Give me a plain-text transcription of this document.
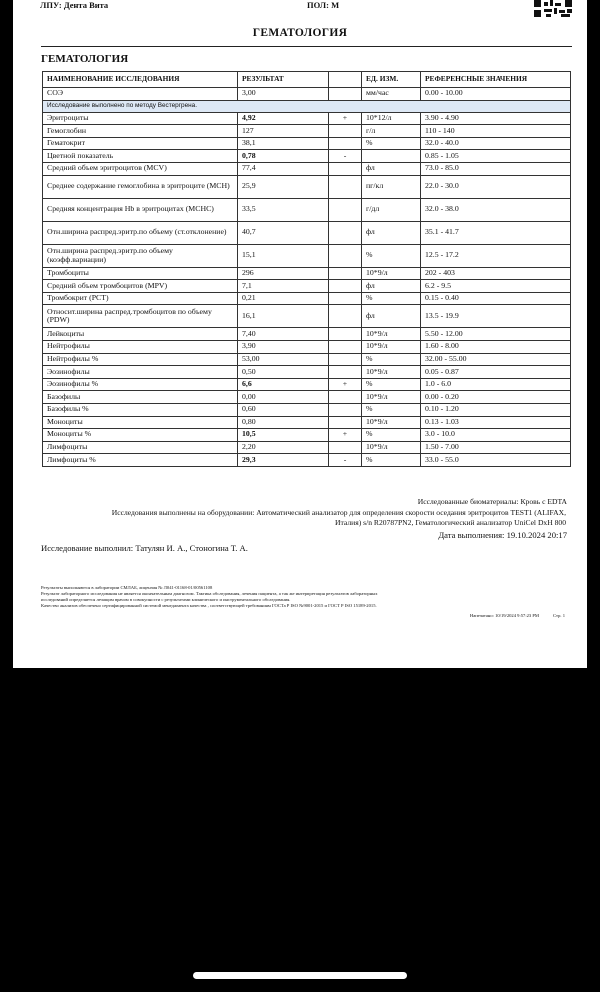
ЛПУ: Дента Вита	ПОЛ: М
ГЕМАТОЛОГИЯ
ГЕМАТОЛОГИЯ
НАИМЕНОВАНИЕ ИССЛЕДОВАНИЯ	РЕЗУЛЬТАТ		ЕД. ИЗМ.	РЕФЕРЕНСНЫЕ ЗНАЧЕНИЯ
СОЭ	3,00		мм/час	0.00 - 10.00
Исследование выполнено по методу Вестергрена.				
Эритроциты	4,92	+	10*12/л	3.90 - 4.90
Гемоглобин	127		г/л	110 - 140
Гематокрит	38,1		%	32.0 - 40.0
Цветной показатель	0,78	-		0.85 - 1.05
Средний объем эритроцитов (MCV)	77,4		фл	73.0 - 85.0
Среднее содержание гемоглобина в эритроците (MCH)	25,9		пг/кл	22.0 - 30.0
Средняя концентрация Hb в эритроцитах (MCHC)	33,5		г/дл	32.0 - 38.0
Отн.ширина распред.эритр.по объему (ст.отклонение)	40,7		фл	35.1 - 41.7
Отн.ширина распред.эритр.по объему (коэфф.вариации)	15,1		%	12.5 - 17.2
Тромбоциты	296		10*9/л	202 - 403
Средний объем тромбоцитов (MPV)	7,1		фл	6.2 - 9.5
Тромбокрит (PCT)	0,21		%	0.15 - 0.40
Относит.ширина распред.тромбоцитов по объему (PDW)	16,1		фл	13.5 - 19.9
Лейкоциты	7,40		10*9/л	5.50 - 12.00
Нейтрофилы	3,90		10*9/л	1.60 - 8.00
Нейтрофилы %	53,00		%	32.00 - 55.00
Эозинофилы	0,50		10*9/л	0.05 - 0.87
Эозинофилы %	6,6	+	%	1.0 - 6.0
Базофилы	0,00		10*9/л	0.00 - 0.20
Базофилы %	0,60		%	0.10 - 1.20
Моноциты	0,80		10*9/л	0.13 - 1.03
Моноциты %	10,5	+	%	3.0 - 10.0
Лимфоциты	2,20		10*9/л	1.50 - 7.00
Лимфоциты %	29,3	-	%	33.0 - 55.0
Исследованные биоматериалы: Кровь с EDTA
Исследования выполнены на оборудовании: Автоматический анализатор для определения скорости оседания эритроцитов TEST1 (ALIFAX,
Италия) s/n R20787PN2, Гематологический анализатор UniCel DxH 800
Дата выполнения: 19.10.2024 20:17
Исследование выполнил: Татулян И. А., Стоногина Т. А.
Результаты выполняются в лаборатории СМЛАБ, лицензия № Л041-01168-01/00561108
Результат лабораторного исследования не является окончательным диагнозом. Тактика обследования, лечения пациента, а так же интерпретация результатов лабораторных
исследований определяется лечащим врачом в совокупности с результатами клинического и инструментального обследования.
Качество анализов обеспечено сертифицированной системой менеджмента качества , соответствующей требованиям ГОСТа Р ISO №9001-2015 и ГОСТ Р ISO 15189-2015.
Напечатано: 10/19/2024 9:57:23 PM	Стр. 1
